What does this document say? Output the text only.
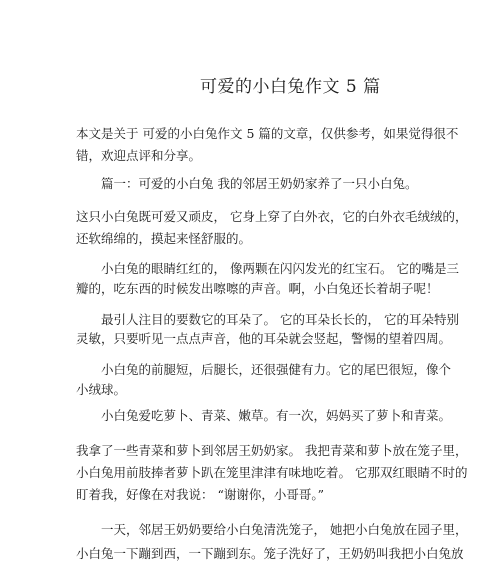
可爱的小白兔作文 5 篇
本文是关于 可爱的小白兔作文 5 篇的文章，仅供参考，如果觉得很不
错，欢迎点评和分享。
篇一：可爱的小白兔 我的邻居王奶奶家养了一只小白兔。
这只小白兔既可爱又顽皮， 它身上穿了白外衣，它的白外衣毛绒绒的，
还软绵绵的，摸起来怪舒服的。
小白兔的眼睛红红的， 像两颗在闪闪发光的红宝石。 它的嘴是三
瓣的，吃东西的时候发出嚓嚓的声音。啊，小白兔还长着胡子呢！
最引人注目的要数它的耳朵了。 它的耳朵长长的， 它的耳朵特别
灵敏，只要听见一点点声音，他的耳朵就会竖起，警惕的望着四周。
小白兔的前腿短，后腿长，还很强健有力。它的尾巴很短，像个
小绒球。
小白兔爱吃萝卜、青菜、嫩草。有一次，妈妈买了萝卜和青菜。
我拿了一些青菜和萝卜到邻居王奶奶家。 我把青菜和萝卜放在笼子里，
小白兔用前肢捧者萝卜趴在笼里津津有味地吃着。 它那双红眼睛不时的
盯着我，好像在对我说： “谢谢你，小哥哥。”
一天，邻居王奶奶要给小白兔清洗笼子， 她把小白兔放在园子里，
小白兔一下蹦到西，一下蹦到东。笼子洗好了，王奶奶叫我把小白兔放
